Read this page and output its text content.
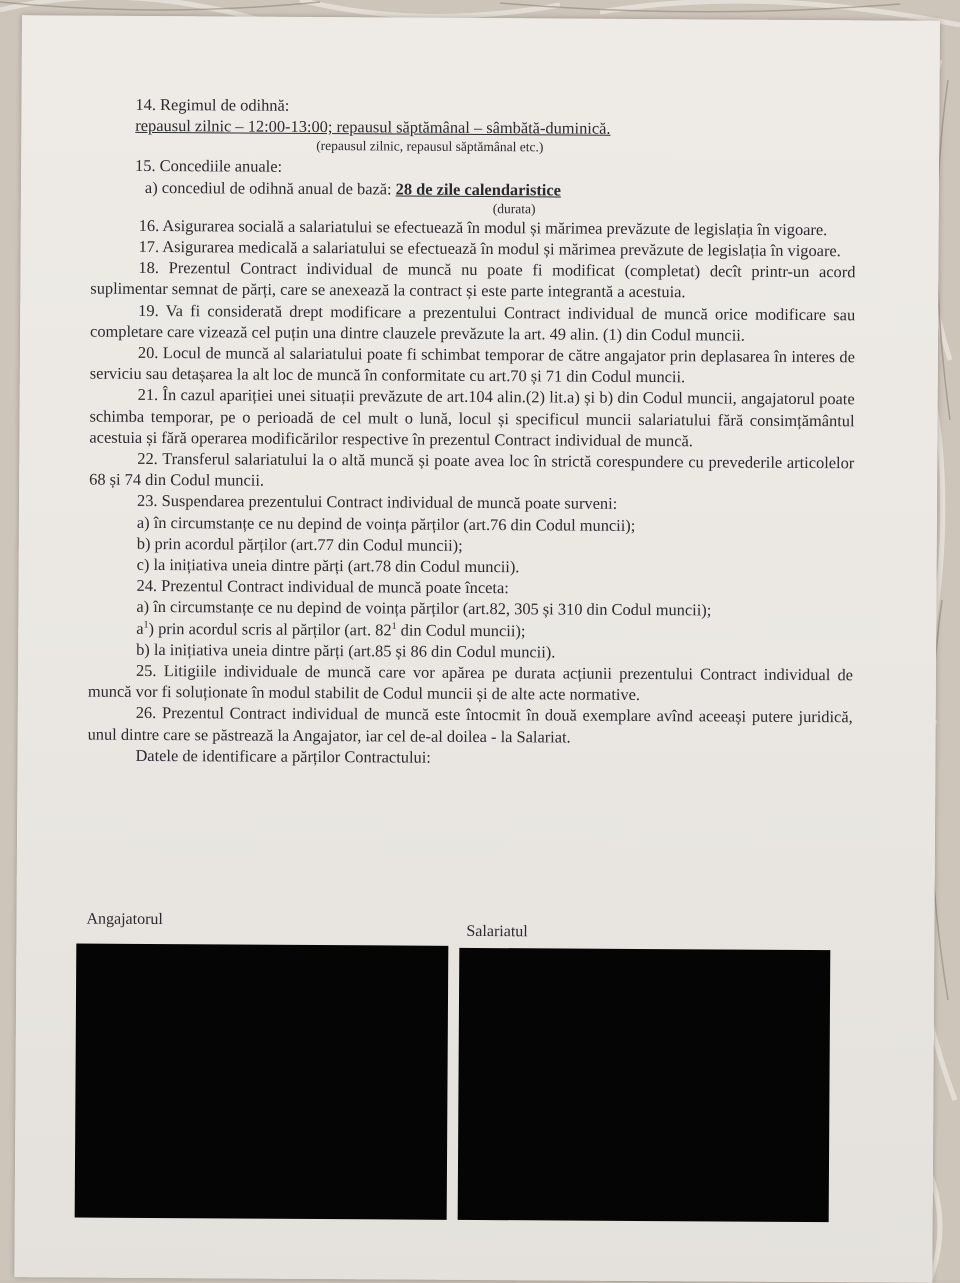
14. Regimul de odihnă:

repausul zilnic – 12:00-13:00; repausul săptămânal – sâmbătă-duminică.

(repausul zilnic, repausul săptămânal etc.)

15. Concediile anuale:

a) concediul de odihnă anual de bază: 28 de zile calendaristice

(durata)

16. Asigurarea socială a salariatului se efectuează în modul și mărimea prevăzute de legislația în vigoare.

17. Asigurarea medicală a salariatului se efectuează în modul și mărimea prevăzute de legislația în vigoare.

18. Prezentul Contract individual de muncă nu poate fi modificat (completat) decît printr-un acord suplimentar semnat de părți, care se anexează la contract și este parte integrantă a acestuia.

19. Va fi considerată drept modificare a prezentului Contract individual de muncă orice modificare sau completare care vizează cel puțin una dintre clauzele prevăzute la art. 49 alin. (1) din Codul muncii.

20. Locul de muncă al salariatului poate fi schimbat temporar de către angajator prin deplasarea în interes de serviciu sau detașarea la alt loc de muncă în conformitate cu art.70 și 71 din Codul muncii.

21. În cazul apariției unei situații prevăzute de art.104 alin.(2) lit.a) și b) din Codul muncii, angajatorul poate schimba temporar, pe o perioadă de cel mult o lună, locul și specificul muncii salariatului fără consimțământul acestuia și fără operarea modificărilor respective în prezentul Contract individual de muncă.

22. Transferul salariatului la o altă muncă și poate avea loc în strictă corespundere cu prevederile articolelor 68 și 74 din Codul muncii.

23. Suspendarea prezentului Contract individual de muncă poate surveni:

a) în circumstanțe ce nu depind de voința părților (art.76 din Codul muncii);

b) prin acordul părților (art.77 din Codul muncii);

c) la inițiativa uneia dintre părți (art.78 din Codul muncii).

24. Prezentul Contract individual de muncă poate înceta:

a) în circumstanțe ce nu depind de voința părților (art.82, 305 și 310 din Codul muncii);

$a^1$) prin acordul scris al părților (art. $82^1$ din Codul muncii);

b) la inițiativa uneia dintre părți (art.85 și 86 din Codul muncii).

25. Litigiile individuale de muncă care vor apărea pe durata acțiunii prezentului Contract individual de muncă vor fi soluționate în modul stabilit de Codul muncii și de alte acte normative.

26. Prezentul Contract individual de muncă este întocmit în două exemplare avînd aceeași putere juridică, unul dintre care se păstrează la Angajator, iar cel de-al doilea - la Salariat.

Datele de identificare a părților Contractului:

Angajatorul
Salariatul
